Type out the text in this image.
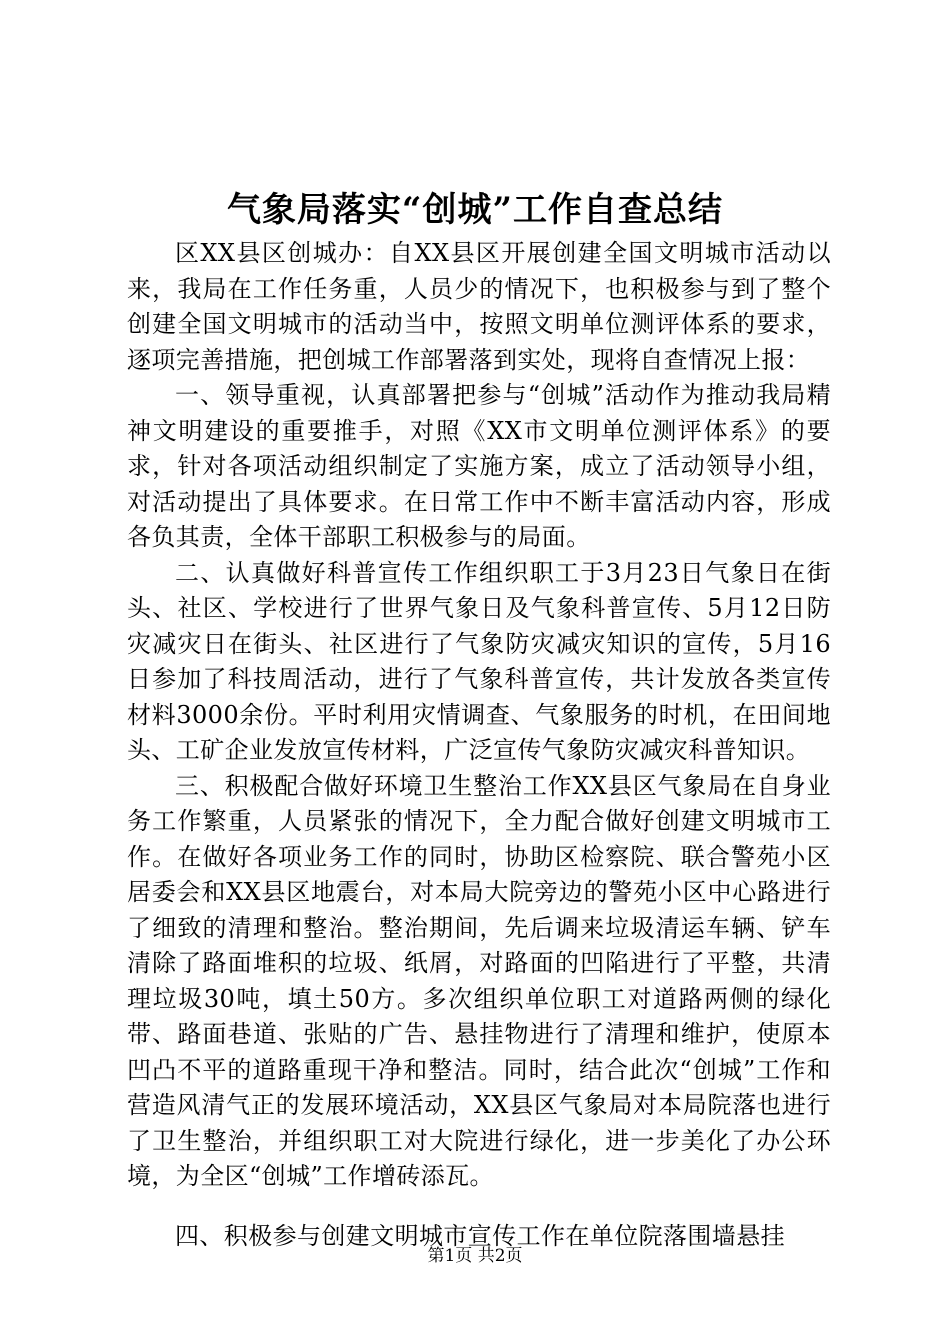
气象局落实“创城”工作自查总结

区XX县区创城办：自XX县区开展创建全国文明城市活动以来，我局在工作任务重，人员少的情况下，也积极参与到了整个创建全国文明城市的活动当中，按照文明单位测评体系的要求，逐项完善措施，把创城工作部署落到实处，现将自查情况上报：

一、领导重视，认真部署把参与“创城”活动作为推动我局精神文明建设的重要推手，对照《XX市文明单位测评体系》的要求，针对各项活动组织制定了实施方案，成立了活动领导小组，对活动提出了具体要求。在日常工作中不断丰富活动内容，形成各负其责，全体干部职工积极参与的局面。

二、认真做好科普宣传工作组织职工于3月23日气象日在街头、社区、学校进行了世界气象日及气象科普宣传、5月12日防灾减灾日在街头、社区进行了气象防灾减灾知识的宣传，5月16日参加了科技周活动，进行了气象科普宣传，共计发放各类宣传材料3000余份。平时利用灾情调查、气象服务的时机，在田间地头、工矿企业发放宣传材料，广泛宣传气象防灾减灾科普知识。

三、积极配合做好环境卫生整治工作XX县区气象局在自身业务工作繁重，人员紧张的情况下，全力配合做好创建文明城市工作。在做好各项业务工作的同时，协助区检察院、联合警苑小区居委会和XX县区地震台，对本局大院旁边的警苑小区中心路进行了细致的清理和整治。整治期间，先后调来垃圾清运车辆、铲车清除了路面堆积的垃圾、纸屑，对路面的凹陷进行了平整，共清理垃圾30吨，填土50方。多次组织单位职工对道路两侧的绿化带、路面巷道、张贴的广告、悬挂物进行了清理和维护，使原本凹凸不平的道路重现干净和整洁。同时，结合此次“创城”工作和营造风清气正的发展环境活动，XX县区气象局对本局院落也进行了卫生整治，并组织职工对大院进行绿化，进一步美化了办公环境，为全区“创城”工作增砖添瓦。

四、积极参与创建文明城市宣传工作在单位院落围墙悬挂

第1页 共2页
